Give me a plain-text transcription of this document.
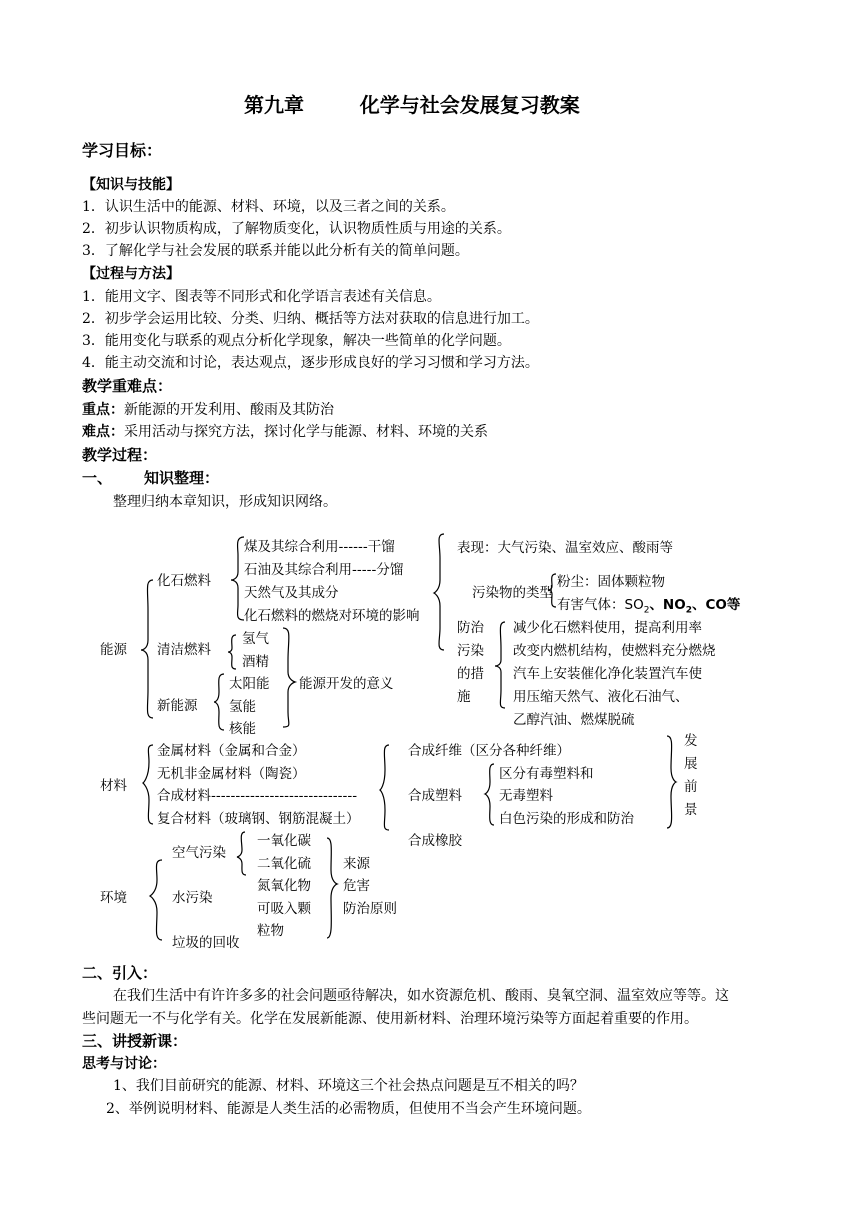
第九章        化学与社会发展复习教案
学习目标：
【知识与技能】
1．认识生活中的能源、材料、环境，以及三者之间的关系。
2．初步认识物质构成，了解物质变化，认识物质性质与用途的关系。
3．了解化学与社会发展的联系并能以此分析有关的简单问题。
【过程与方法】
1．能用文字、图表等不同形式和化学语言表述有关信息。
2．初步学会运用比较、分类、归纳、概括等方法对获取的信息进行加工。
3．能用变化与联系的观点分析化学现象，解决一些简单的化学问题。
4．能主动交流和讨论，表达观点，逐步形成良好的学习习惯和学习方法。
教学重难点：
重点：新能源的开发利用、酸雨及其防治
难点：采用活动与探究方法，探讨化学与能源、材料、环境的关系
教学过程：
一、 知识整理：
整理归纳本章知识，形成知识网络。
能源
化石燃料
煤及其综合利用------干馏
石油及其综合利用-----分馏
天然气及其成分
化石燃料的燃烧对环境的影响
清洁燃料
氢气
酒精
新能源
太阳能
氢能
核能
能源开发的意义
表现：大气污染、温室效应、酸雨等
污染物的类型
粉尘：固体颗粒物
有害气体：$SO_2$、$NO_2$、CO等
防治
污染
的措
施
减少化石燃料使用，提高利用率
改变内燃机结构，使燃料充分燃烧
汽车上安装催化净化装置汽车使
用压缩天然气、液化石油气、
乙醇汽油、燃煤脱硫
材料
金属材料（金属和合金）
无机非金属材料（陶瓷）
合成材料------------------------------
复合材料（玻璃钢、钢筋混凝土）
合成纤维（区分各种纤维）
合成塑料
区分有毒塑料和
无毒塑料
白色污染的形成和防治
合成橡胶
发展前景
环境
空气污染
水污染
垃圾的回收
一氧化碳
二氧化硫
氮氧化物
可吸入颗
粒物
来源
危害
防治原则
二、引入：
在我们生活中有许许多多的社会问题亟待解决，如水资源危机、酸雨、臭氧空洞、温室效应等等。这
些问题无一不与化学有关。化学在发展新能源、使用新材料、治理环境污染等方面起着重要的作用。
三、讲授新课：
思考与讨论：
1、我们目前研究的能源、材料、环境这三个社会热点问题是互不相关的吗？
2、举例说明材料、能源是人类生活的必需物质，但使用不当会产生环境问题。
